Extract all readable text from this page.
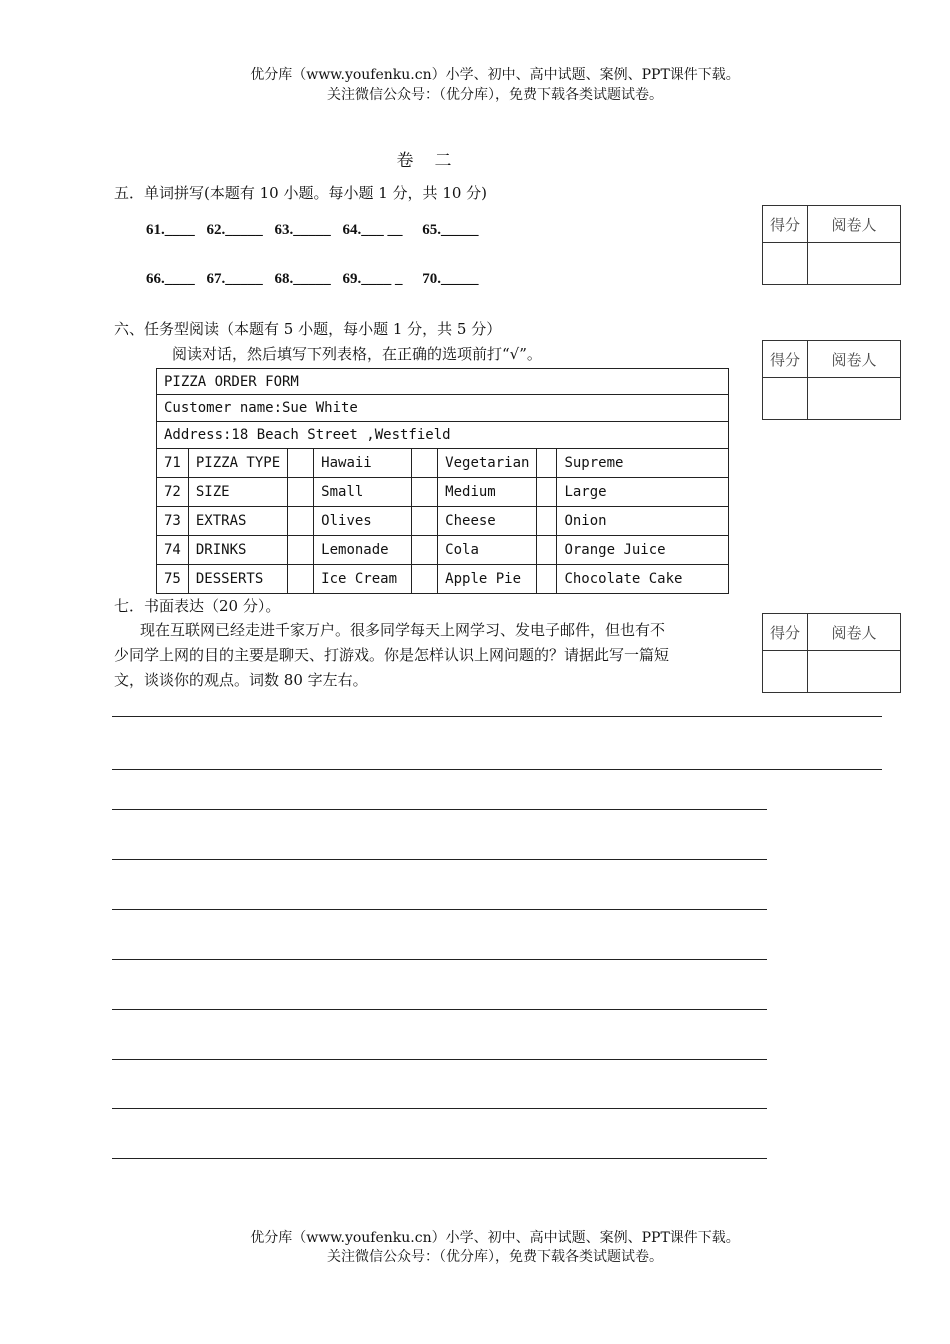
优分库（www.youfenku.cn）小学、初中、高中试题、案例、PPT课件下载。
关注微信公众号：（优分库），免费下载各类试题试卷。
卷　二
五．单词拼写(本题有 10 小题。每小题 1 分，共 10 分)
61.____ 62._____ 63._____ 64.___ __ 65._____
66.____ 67._____ 68._____ 69.____ _ 70._____
得分	阅卷人

六、任务型阅读（本题有 5 小题，每小题 1 分，共 5 分）
阅读对话，然后填写下列表格，在正确的选项前打“√”。	得分	阅卷人

PIZZA ORDER FORM							
Customer name:Sue White							
Address:18 Beach Street ,Westfield							
71	PIZZA TYPE		Hawaii		Vegetarian		Supreme
72	SIZE		Small		Medium		Large
73	EXTRAS		Olives		Cheese		Onion
74	DRINKS		Lemonade		Cola		Orange Juice
75	DESSERTS		Ice Cream		Apple Pie		Chocolate Cake
七．书面表达（20 分）。
现在互联网已经走进千家万户。很多同学每天上网学习、发电子邮件，但也有不
少同学上网的目的主要是聊天、打游戏。你是怎样认识上网问题的？请据此写一篇短
文，谈谈你的观点。词数 80 字左右。
得分	阅卷人

优分库（www.youfenku.cn）小学、初中、高中试题、案例、PPT课件下载。
关注微信公众号：（优分库），免费下载各类试题试卷。
